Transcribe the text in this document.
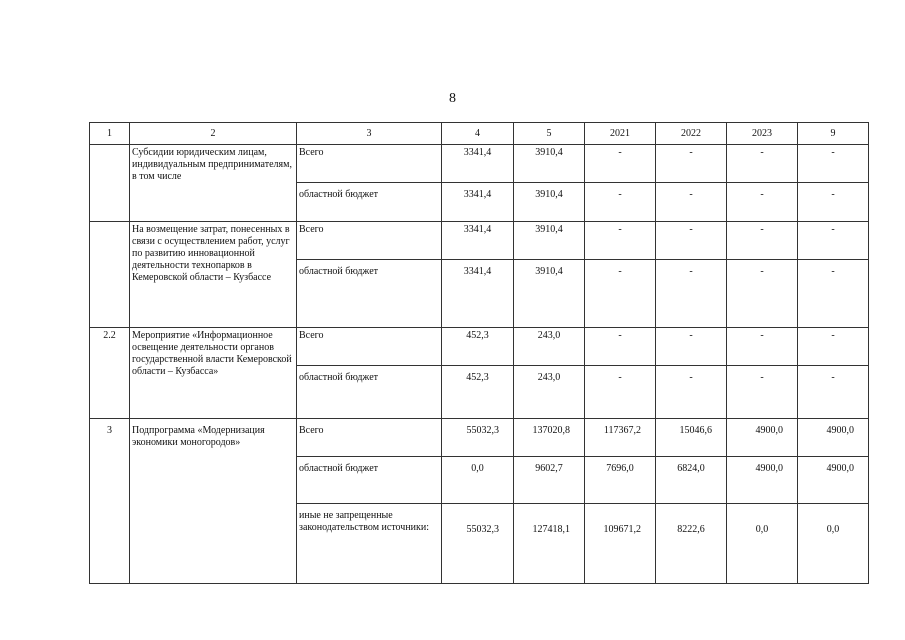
8
1	2	3	4	5	2021	2022	2023	9
	Субсидии юридическим лицам, индивидуальным предпринимателям, в том числе	Всего	3341,4	3910,4	-	-	-	-
		областной бюджет	3341,4	3910,4	-	-	-	-
	На возмещение затрат, понесенных в связи с осуществлением работ, услуг по развитию инновационной деятельности технопарков в Кемеровской области – Кузбассе	Всего	3341,4	3910,4	-	-	-	-
		областной бюджет	3341,4	3910,4	-	-	-	-
2.2	Мероприятие «Информационное освещение деятельности органов государственной власти Кемеровской области – Кузбасса»	Всего	452,3	243,0	-	-	-	-
		областной бюджет	452,3	243,0	-	-	-	-
3	Подпрограмма «Модернизация экономики моногородов»	Всего	55032,3	137020,8	117367,2	15046,6	4900,0	4900,0
		областной бюджет	0,0	9602,7	7696,0	6824,0	4900,0	4900,0
		иные не запрещенные законодательством источники:	55032,3	127418,1	109671,2	8222,6	0,0	0,0
